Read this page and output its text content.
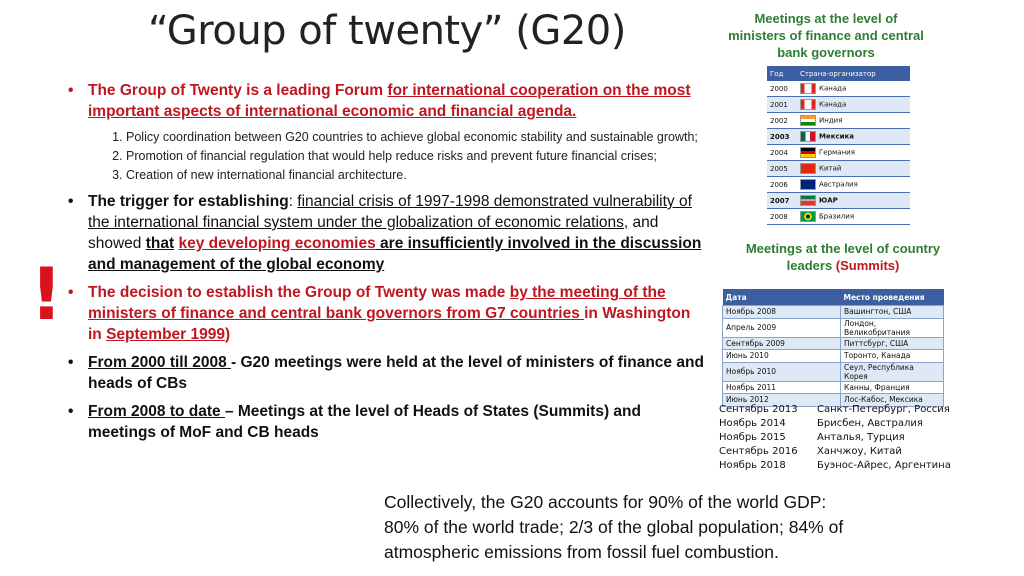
“Group of twenty” (G20)
!
• The Group of Twenty is a leading Forum for international cooperation on the most important aspects of international economic and financial agenda.
1. Policy coordination between G20 countries to achieve global economic stability and sustainable growth;
2. Promotion of financial regulation that would help reduce risks and prevent future financial crises;
3. Creation of new international financial architecture.
• The trigger for establishing: financial crisis of 1997-1998 demonstrated vulnerability of the international financial system under the globalization of economic relations, and showed that key developing economies are insufficiently involved in the discussion and management of the global economy
• The decision to establish the Group of Twenty was made by the meeting of the ministers of finance and central bank governors from G7 countries in Washington in September 1999)
• From 2000 till 2008 - G20 meetings were held at the level of ministers of finance and heads of CBs
• From 2008 to date – Meetings at the level of Heads of States (Summits) and meetings of MoF and CB heads
Meetings at the level of ministers of finance and central bank governors
Год	Страна-организатор
2000	Канада
2001	Канада
2002	Индия
2003	Мексика
2004	Германия
2005	Китай
2006	Австралия
2007	ЮАР
2008	Бразилия
Meetings at the level of country leaders (Summits)
Дата	Место проведения
Ноябрь 2008	Вашингтон, США
Апрель 2009	Лондон, Великобритания
Сентябрь 2009	Питтсбург, США
Июнь 2010	Торонто, Канада
Ноябрь 2010	Сеул, Республика Корея
Ноябрь 2011	Канны, Франция
Июнь 2012	Лос-Кабос, Мексика
Сентябрь 2013	Санкт-Петербург, Россия
Ноябрь 2014	Брисбен, Австралия
Ноябрь 2015	Анталья, Турция
Сентябрь 2016	Ханчжоу, Китай
Ноябрь 2018	Буэнос-Айрес, Аргентина
Collectively, the G20 accounts for 90% of the world GDP:
80% of the world trade; 2/3 of the global population; 84% of
atmospheric emissions from fossil fuel combustion.
